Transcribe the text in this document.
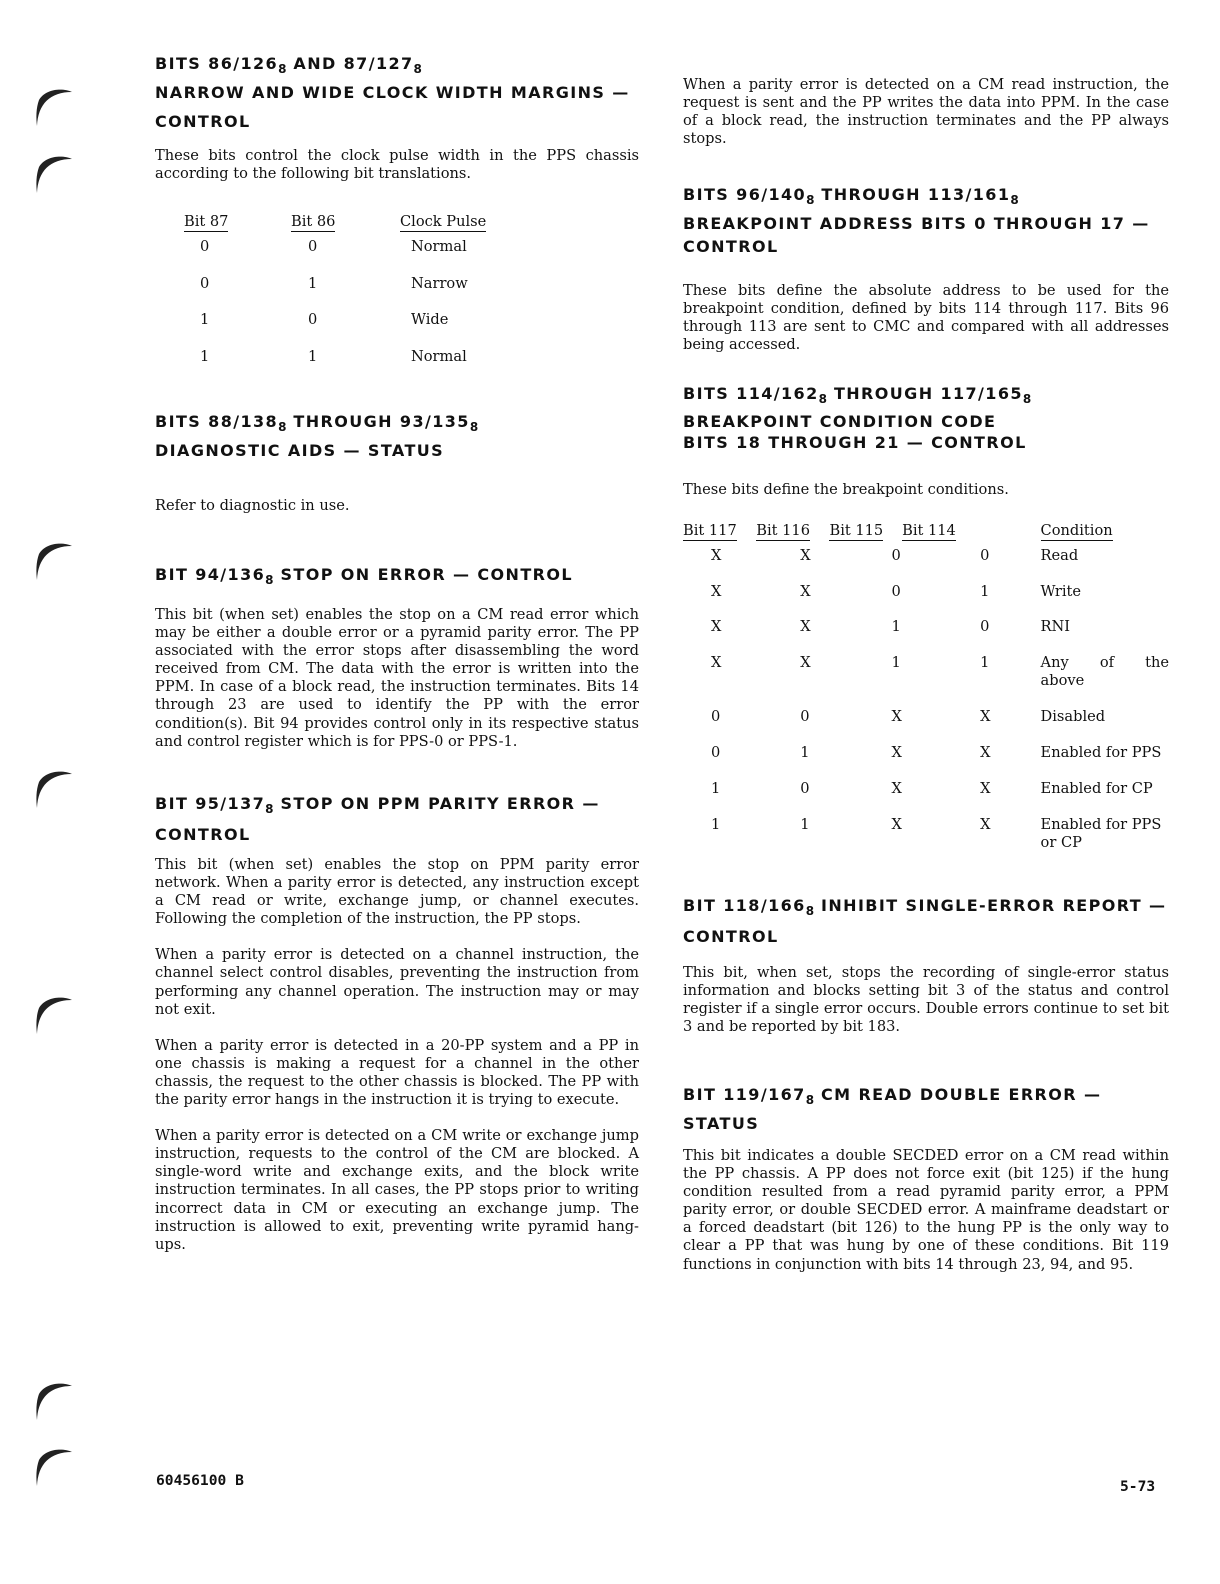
BITS $86/126_8$ AND $87/127_8$
NARROW AND WIDE CLOCK WIDTH MARGINS —
CONTROL

These bits control the clock pulse width in the PPS chassis according to the following bit translations.

Bit 87	Bit 86	Clock Pulse
0	0	Normal
0	1	Narrow
1	0	Wide
1	1	Normal
BITS $88/138_8$ THROUGH $93/135_8$
DIAGNOSTIC AIDS — STATUS

Refer to diagnostic in use.

BIT $94/136_8$ STOP ON ERROR — CONTROL

This bit (when set) enables the stop on a CM read error which may be either a double error or a pyramid parity error. The PP associated with the error stops after disassembling the word received from CM. The data with the error is written into the PPM. In case of a block read, the instruction terminates. Bits 14 through 23 are used to identify the PP with the error condition(s). Bit 94 provides control only in its respective status and control register which is for PPS-0 or PPS-1.

BIT $95/137_8$ STOP ON PPM PARITY ERROR —
CONTROL

This bit (when set) enables the stop on PPM parity error network. When a parity error is detected, any instruction except a CM read or write, exchange jump, or channel executes. Following the completion of the instruction, the PP stops.

When a parity error is detected on a channel instruction, the channel select control disables, preventing the instruction from performing any channel operation. The instruction may or may not exit.

When a parity error is detected in a 20-PP system and a PP in one chassis is making a request for a channel in the other chassis, the request to the other chassis is blocked. The PP with the parity error hangs in the instruction it is trying to execute.

When a parity error is detected on a CM write or exchange jump instruction, requests to the control of the CM are blocked. A single-word write and exchange exits, and the block write instruction terminates. In all cases, the PP stops prior to writing incorrect data in CM or executing an exchange jump. The instruction is allowed to exit, preventing write pyramid hang-ups.

When a parity error is detected on a CM read instruction, the request is sent and the PP writes the data into PPM. In the case of a block read, the instruction terminates and the PP always stops.

BITS $96/140_8$ THROUGH $113/161_8$
BREAKPOINT ADDRESS BITS 0 THROUGH 17 —
CONTROL

These bits define the absolute address to be used for the breakpoint condition, defined by bits 114 through 117. Bits 96 through 113 are sent to CMC and compared with all addresses being accessed.

BITS $114/162_8$ THROUGH $117/165_8$
BREAKPOINT CONDITION CODE
BITS 18 THROUGH 21 — CONTROL

These bits define the breakpoint conditions.

Bit 117	Bit 116	Bit 115	Bit 114	Condition
X	X	0	0	Read
X	X	0	1	Write
X	X	1	0	RNI
X	X	1	1	Any of the above
0	0	X	X	Disabled
0	1	X	X	Enabled for PPS
1	0	X	X	Enabled for CP
1	1	X	X	Enabled for PPS or CP
BIT $118/166_8$ INHIBIT SINGLE-ERROR REPORT —
CONTROL

This bit, when set, stops the recording of single-error status information and blocks setting bit 3 of the status and control register if a single error occurs. Double errors continue to set bit 3 and be reported by bit 183.

BIT $119/167_8$ CM READ DOUBLE ERROR — STATUS

This bit indicates a double SECDED error on a CM read within the PP chassis. A PP does not force exit (bit 125) if the hung condition resulted from a read pyramid parity error, a PPM parity error, or double SECDED error. A mainframe deadstart or a forced deadstart (bit 126) to the hung PP is the only way to clear a PP that was hung by one of these conditions. Bit 119 functions in conjunction with bits 14 through 23, 94, and 95.

60456100 B	5-73
